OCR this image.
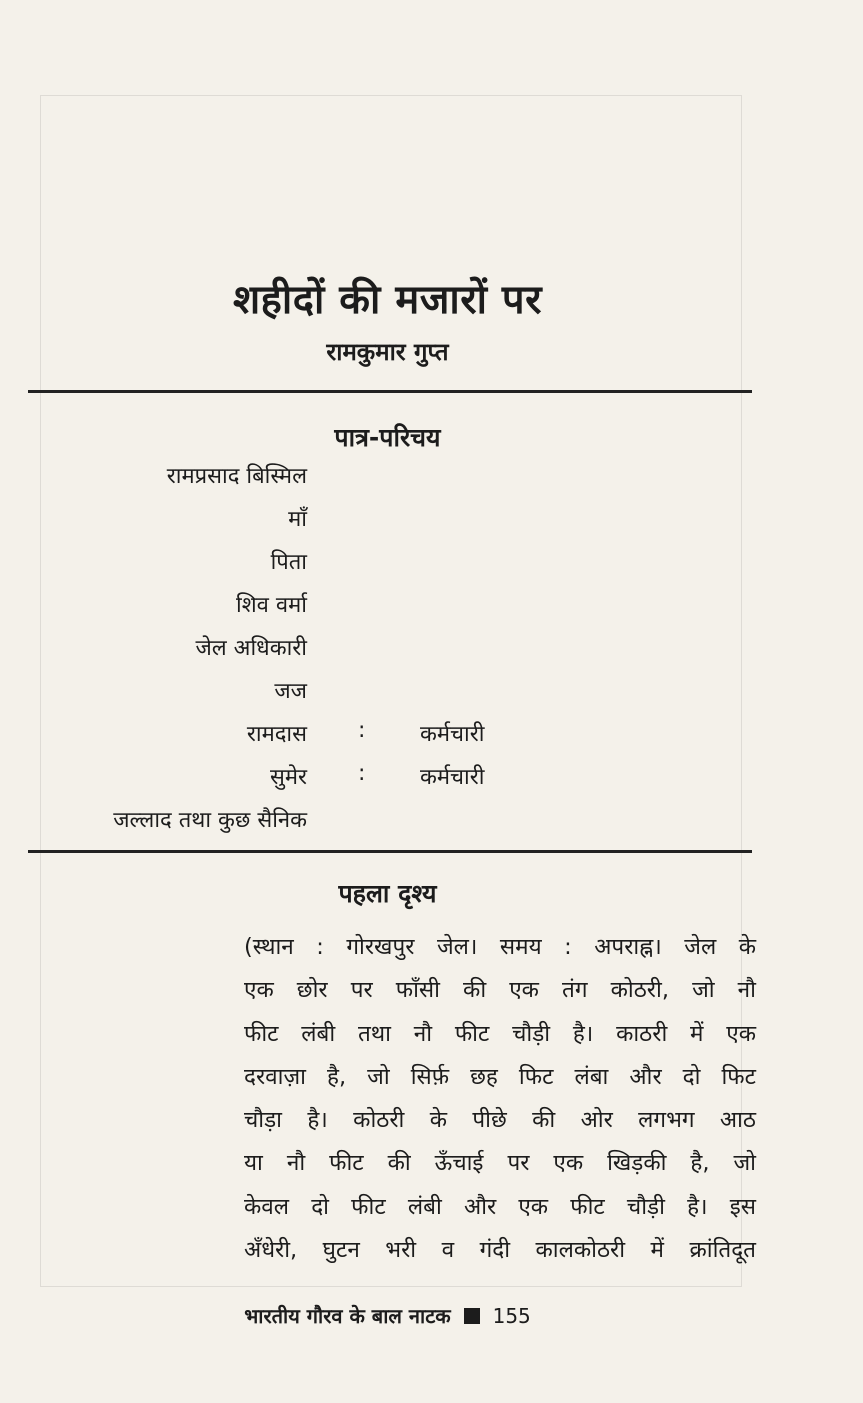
शहीदों की मजारों पर
रामकुमार गुप्त
पात्र-परिचय
रामप्रसाद बिस्मिल
माँ
पिता
शिव वर्मा
जेल अधिकारी
जज
रामदास : कर्मचारी
सुमेर : कर्मचारी
जल्लाद तथा कुछ सैनिक
पहला दृश्य
(स्थान : गोरखपुर जेल। समय : अपराह्न। जेल के
एक छोर पर फाँसी की एक तंग कोठरी, जो नौ
फीट लंबी तथा नौ फीट चौड़ी है। काठरी में एक
दरवाज़ा है, जो सिर्फ़ छह फिट लंबा और दो फिट
चौड़ा है। कोठरी के पीछे की ओर लगभग आठ
या नौ फीट की ऊँचाई पर एक खिड़की है, जो
केवल दो फीट लंबी और एक फीट चौड़ी है। इस
अँधेरी, घुटन भरी व गंदी कालकोठरी में क्रांतिदूत
भारतीय गौरव के बाल नाटक 155
